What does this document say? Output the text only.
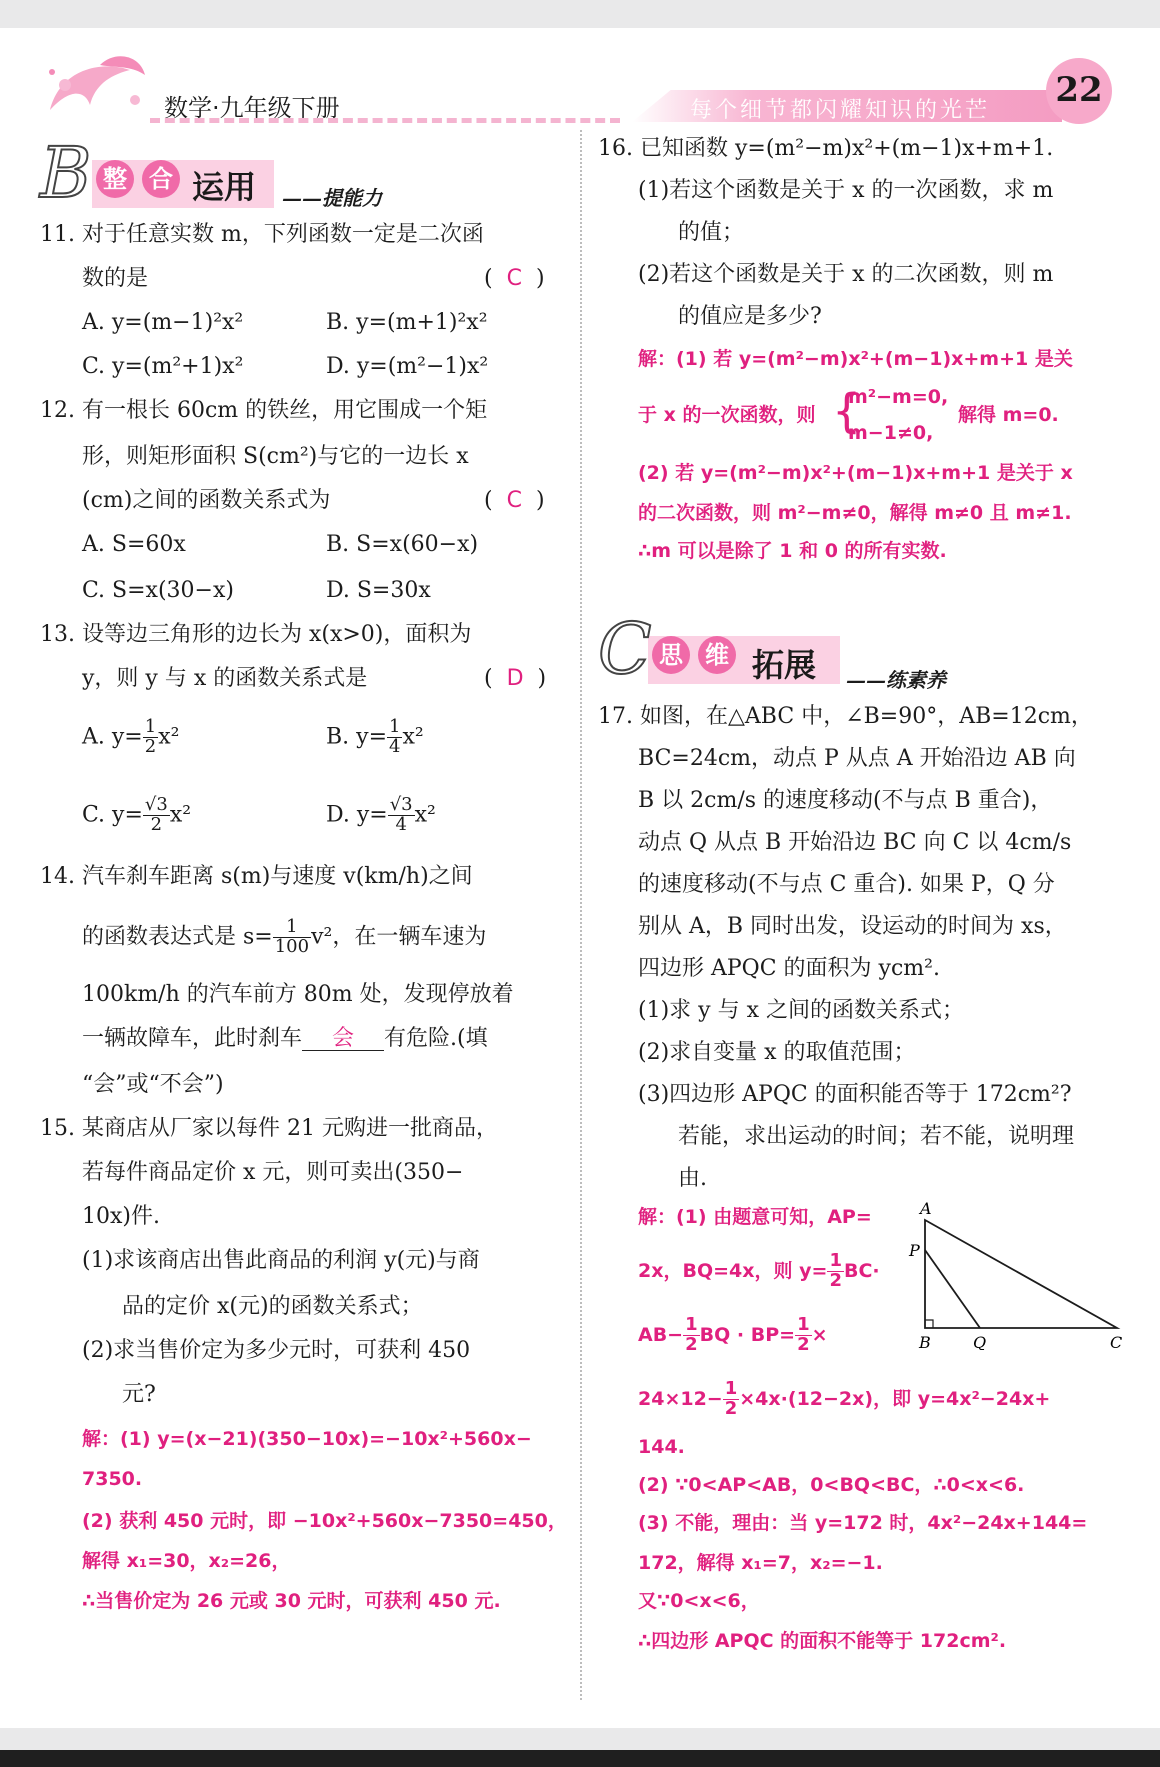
数学·九年级下册	每个细节都闪耀知识的光芒
22
B 整 合 运用 ——提能力
11. 对于任意实数 m，下列函数一定是二次函
数的是	(  C  )
A. y=(m−1)²x²	B. y=(m+1)²x²
C. y=(m²+1)x²	D. y=(m²−1)x²
12. 有一根长 60cm 的铁丝，用它围成一个矩
形，则矩形面积 S(cm²)与它的一边长 x
(cm)之间的函数关系式为	(  C  )
A. S=60x	B. S=x(60−x)
C. S=x(30−x)	D. S=30x
13. 设等边三角形的边长为 x(x>0)，面积为
y，则 y 与 x 的函数关系式是	(  D  )
A. $y= \frac{1}{2} x^2$	B. $y= \frac{1}{4} x^2$
C. $y= \frac{√3}{2} x^2$	D. $y= \frac{√3}{4} x^2$
14. 汽车刹车距离 s(m)与速度 v(km/h)之间
的函数表达式是 $s= \frac{1}{100} v^2$，在一辆车速为
100km/h 的汽车前方 80m 处，发现停放着
一辆故障车，此时刹车 会 有危险.(填
“会”或“不会”)
15. 某商店从厂家以每件 21 元购进一批商品，
若每件商品定价 x 元，则可卖出(350−
10x)件.
(1)求该商店出售此商品的利润 y(元)与商
品的定价 x(元)的函数关系式；
(2)求当售价定为多少元时，可获利 450
元?
解：(1) y=(x−21)(350−10x)=−10x²+560x−
7350.
(2) 获利 450 元时，即 −10x²+560x−7350=450，
解得 x₁=30，x₂=26，
∴当售价定为 26 元或 30 元时，可获利 450 元.
16. 已知函数 y=(m²−m)x²+(m−1)x+m+1.
(1)若这个函数是关于 x 的一次函数，求 m
的值；
(2)若这个函数是关于 x 的二次函数，则 m
的值应是多少?
解：(1) 若 y=(m²−m)x²+(m−1)x+m+1 是关
于 x 的一次函数，则 {
m²−m=0,
m−1≠0,
解得 m=0.
(2) 若 y=(m²−m)x²+(m−1)x+m+1 是关于 x
的二次函数，则 m²−m≠0，解得 m≠0 且 m≠1.
∴m 可以是除了 1 和 0 的所有实数.
C 思 维 拓展 ——练素养
17. 如图，在△ABC 中，∠B=90°，AB=12cm，
BC=24cm，动点 P 从点 A 开始沿边 AB 向
B 以 2cm/s 的速度移动(不与点 B 重合)，
动点 Q 从点 B 开始沿边 BC 向 C 以 4cm/s
的速度移动(不与点 C 重合). 如果 P，Q 分
别从 A，B 同时出发，设运动的时间为 xs，
四边形 APQC 的面积为 ycm².
(1)求 y 与 x 之间的函数关系式；
(2)求自变量 x 的取值范围；
(3)四边形 APQC 的面积能否等于 172cm²?
若能，求出运动的时间；若不能，说明理
由.
解：(1) 由题意可知，AP=
2x，BQ=4x，则 $y= \frac{1}{2} BC\cdot$
$AB- \frac{1}{2}$ BQ · $BP= \frac{1}{2}$ ×
$24\times 12- \frac{1}{2} \times 4x\cdot(12-2x)$，即 y=4x²−24x+
144.
(2) ∵0<AP<AB，0<BQ<BC，∴0<x<6.
(3) 不能，理由：当 y=172 时，4x²−24x+144=
172，解得 x₁=7，x₂=−1.
又∵0<x<6，
∴四边形 APQC 的面积不能等于 172cm².
A
P
B	Q	C
